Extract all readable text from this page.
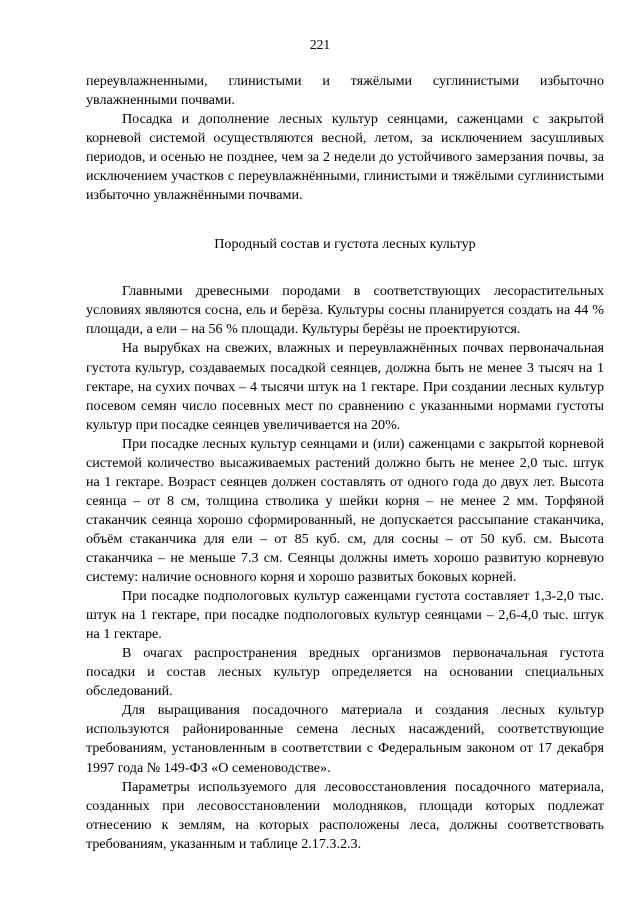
221

переувлажненными, глинистыми и тяжёлыми суглинистыми избыточно увлажненными почвами.

Посадка и дополнение лесных культур сеянцами, саженцами с закрытой корневой системой осуществляются весной, летом, за исключением засушливых периодов, и осенью не позднее, чем за 2 недели до устойчивого замерзания почвы, за исключением участков с переувлажнёнными, глинистыми и тяжёлыми суглинистыми избыточно увлажнёнными почвами.

Породный состав и густота лесных культур

Главными древесными породами в соответствующих лесорастительных условиях являются сосна, ель и берёза. Культуры сосны планируется создать на 44 % площади, а ели – на 56 % площади. Культуры берёзы не проектируются.

На вырубках на свежих, влажных и переувлажнённых почвах первоначальная густота культур, создаваемых посадкой сеянцев, должна быть не менее 3 тысяч на 1 гектаре, на сухих почвах – 4 тысячи штук на 1 гектаре. При создании лесных культур посевом семян число посевных мест по сравнению с указанными нормами густоты культур при посадке сеянцев увеличивается на 20%.

При посадке лесных культур сеянцами и (или) саженцами с закрытой корневой системой количество высаживаемых растений должно быть не менее 2,0 тыс. штук на 1 гектаре. Возраст сеянцев должен составлять от одного года до двух лет. Высота сеянца – от 8 см, толщина стволика у шейки корня – не менее 2 мм. Торфяной стаканчик сеянца хорошо сформированный, не допускается рассыпание стаканчика, объём стаканчика для ели – от 85 куб. см, для сосны – от 50 куб. см. Высота стаканчика – не меньше 7.3 см. Сеянцы должны иметь хорошо развитую корневую систему: наличие основного корня и хорошо развитых боковых корней.

При посадке подпологовых культур саженцами густота составляет 1,3-2,0 тыс. штук на 1 гектаре, при посадке подпологовых культур сеянцами – 2,6-4,0 тыс. штук на 1 гектаре.

В очагах распространения вредных организмов первоначальная густота посадки и состав лесных культур определяется на основании специальных обследований.

Для выращивания посадочного материала и создания лесных культур используются районированные семена лесных насаждений, соответствующие требованиям, установленным в соответствии с Федеральным законом от 17 декабря 1997 года № 149-ФЗ «О семеноводстве».

Параметры используемого для лесовосстановления посадочного материала, созданных при лесовосстановлении молодняков, площади которых подлежат отнесению к землям, на которых расположены леса, должны соответствовать требованиям, указанным и таблице 2.17.3.2.3.
